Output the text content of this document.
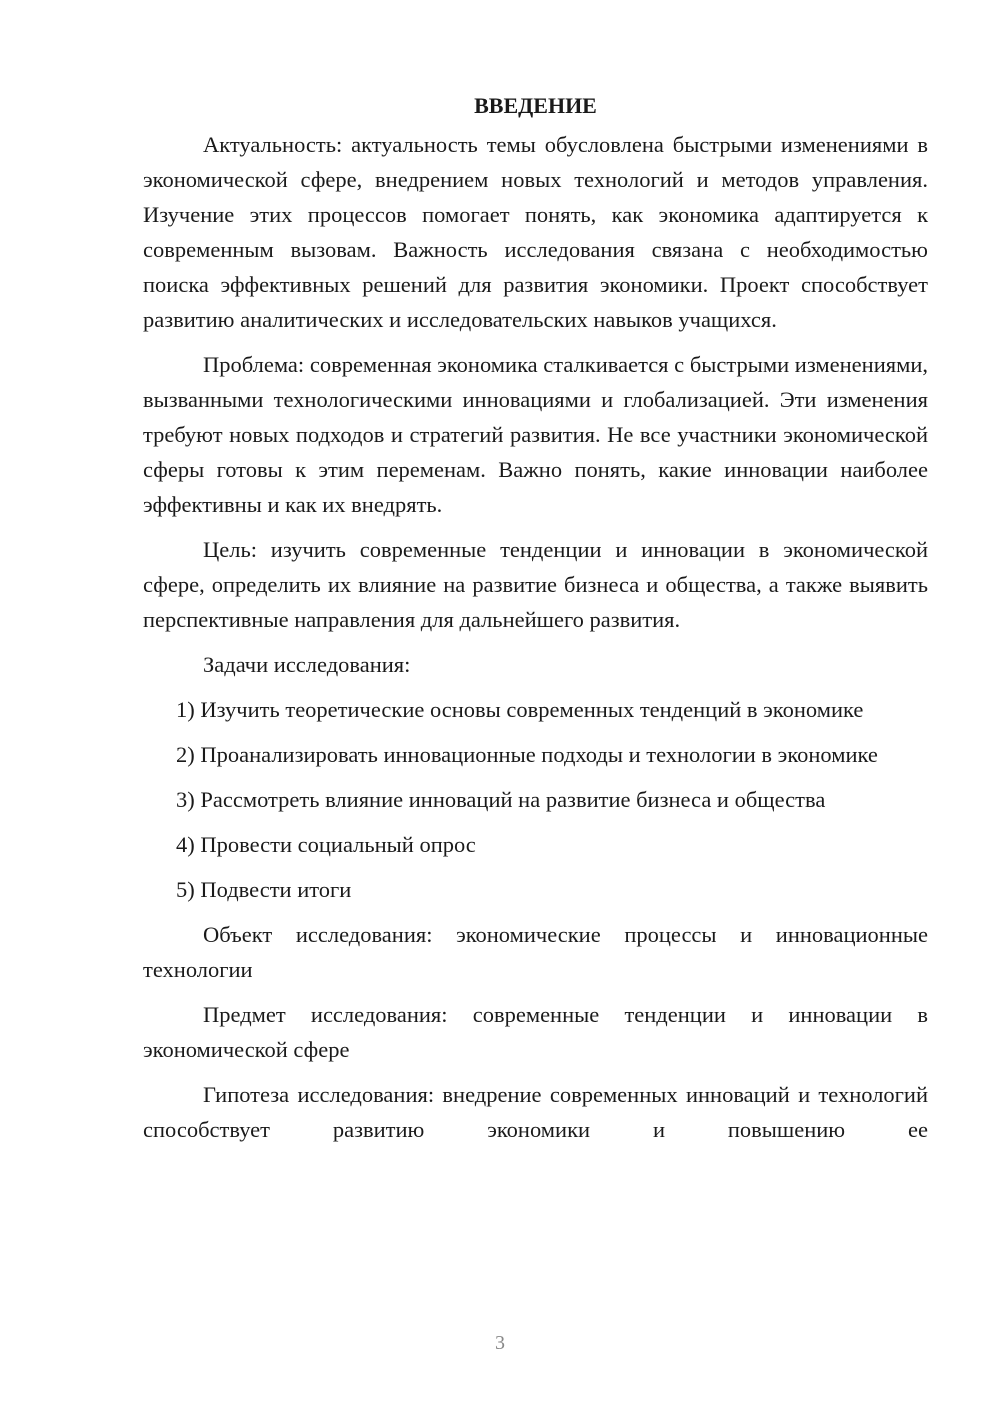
ВВЕДЕНИЕ

Актуальность: актуальность темы обусловлена быстрыми изменениями в экономической сфере, внедрением новых технологий и методов управления. Изучение этих процессов помогает понять, как экономика адаптируется к современным вызовам. Важность исследования связана с необходимостью поиска эффективных решений для развития экономики. Проект способствует развитию аналитических и исследовательских навыков учащихся.

Проблема: современная экономика сталкивается с быстрыми изменениями, вызванными технологическими инновациями и глобализацией. Эти изменения требуют новых подходов и стратегий развития. Не все участники экономической сферы готовы к этим переменам. Важно понять, какие инновации наиболее эффективны и как их внедрять.

Цель: изучить современные тенденции и инновации в экономической сфере, определить их влияние на развитие бизнеса и общества, а также выявить перспективные направления для дальнейшего развития.

Задачи исследования:

1) Изучить теоретические основы современных тенденций в экономике

2) Проанализировать инновационные подходы и технологии в экономике

3) Рассмотреть влияние инноваций на развитие бизнеса и общества

4) Провести социальный опрос

5) Подвести итоги

Объект исследования: экономические процессы и инновационные технологии

Предмет исследования: современные тенденции и инновации в экономической сфере

Гипотеза исследования: внедрение современных инноваций и технологий способствует развитию экономики и повышению ее

3
